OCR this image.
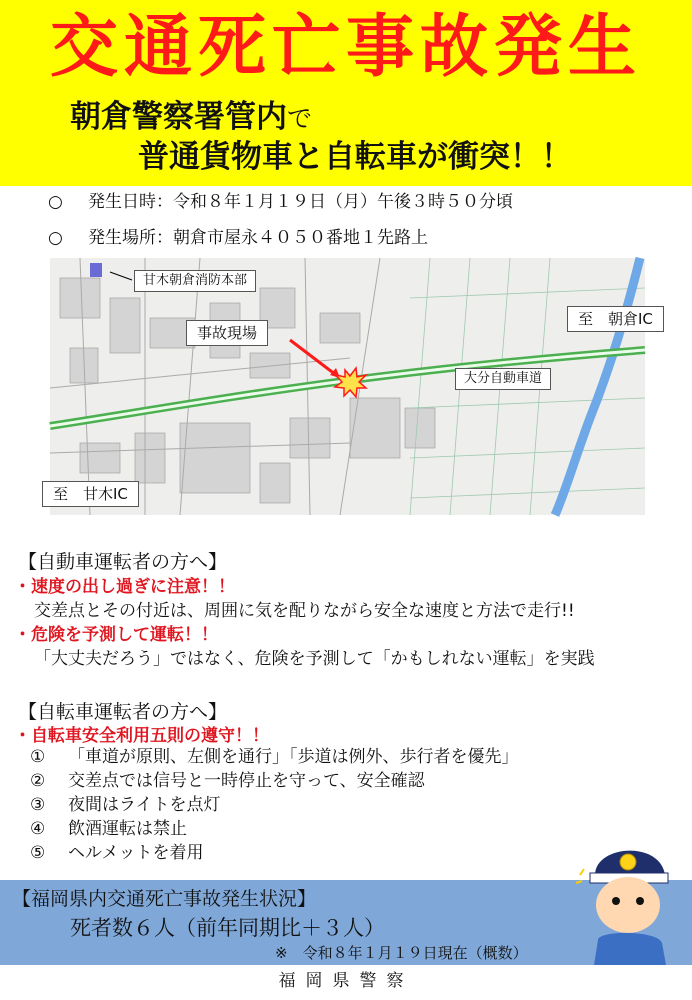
交通死亡事故発生
朝倉警察署管内で
普通貨物車と自転車が衝突！！
○ 発生日時：令和８年１月１９日（月）午後３時５０分頃
○ 発生場所：朝倉市屋永４０５０番地１先路上
甘木朝倉消防本部
事故現場
至　朝倉IC
大分自動車道
至　甘木IC
【自動車運転者の方へ】
・速度の出し過ぎに注意！！
交差点とその付近は、周囲に気を配りながら安全な速度と方法で走行!!
・危険を予測して運転！！
「大丈夫だろう」ではなく、危険を予測して「かもしれない運転」を実践
【自転車運転者の方へ】
・自転車安全利用五則の遵守！！
① 「車道が原則、左側を通行」「歩道は例外、歩行者を優先」
② 交差点では信号と一時停止を守って、安全確認
③ 夜間はライトを点灯
④ 飲酒運転は禁止
⑤ ヘルメットを着用
【福岡県内交通死亡事故発生状況】
死者数６人（前年同期比＋３人）
※　令和８年１月１９日現在（概数）
福岡県警察
